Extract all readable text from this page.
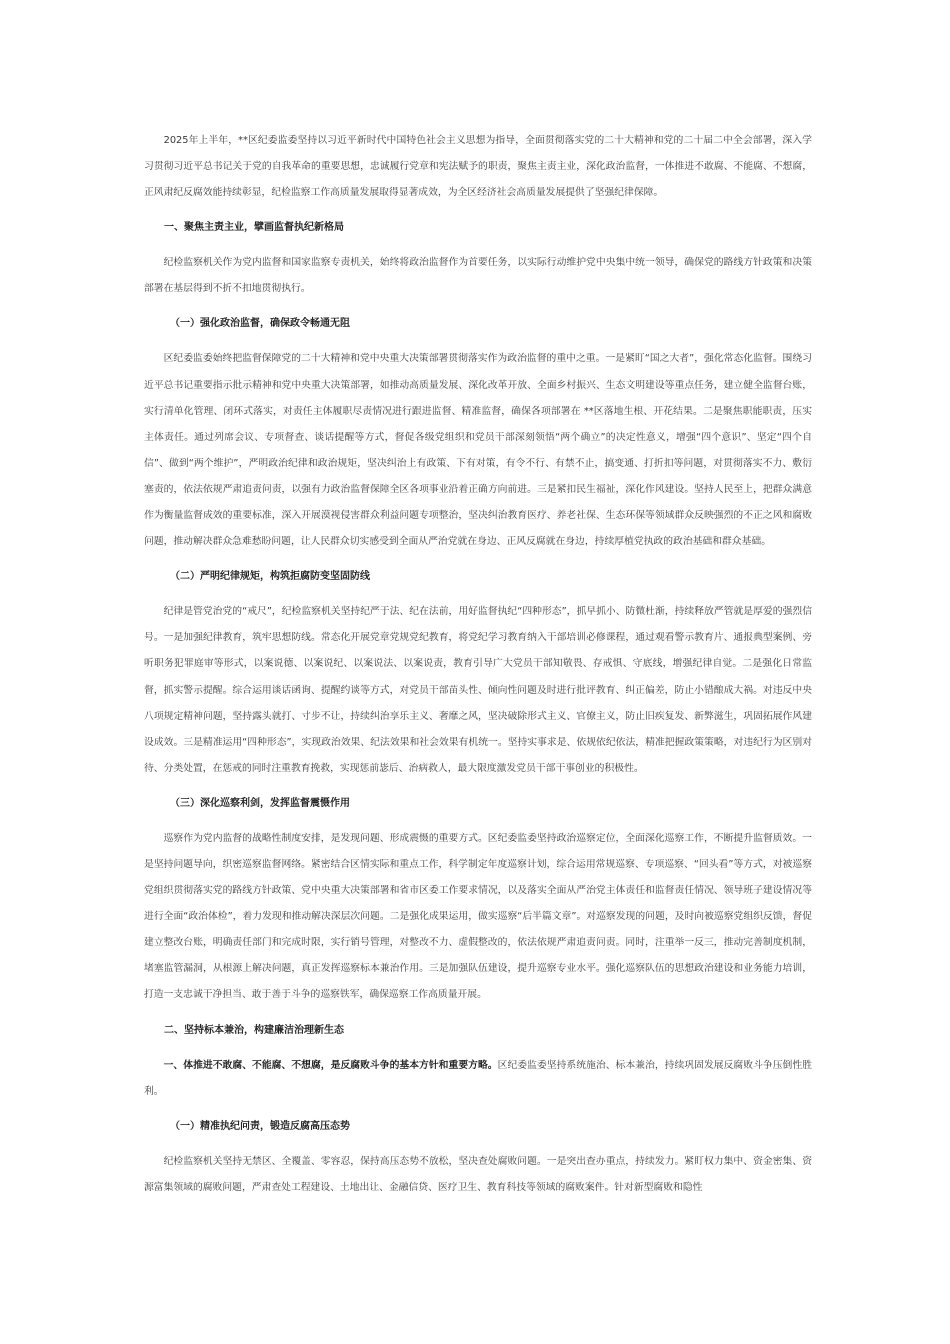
2025年上半年，**区纪委监委坚持以习近平新时代中国特色社会主义思想为指导，全面贯彻落实党的二十大精神和党的二十届二中全会部署，深入学习贯彻习近平总书记关于党的自我革命的重要思想，忠诚履行党章和宪法赋予的职责，聚焦主责主业，深化政治监督，一体推进不敢腐、不能腐、不想腐，正风肃纪反腐效能持续彰显，纪检监察工作高质量发展取得显著成效，为全区经济社会高质量发展提供了坚强纪律保障。

一、聚焦主责主业，擘画监督执纪新格局

纪检监察机关作为党内监督和国家监察专责机关，始终将政治监督作为首要任务，以实际行动维护党中央集中统一领导，确保党的路线方针政策和决策部署在基层得到不折不扣地贯彻执行。

（一）强化政治监督，确保政令畅通无阻

区纪委监委始终把监督保障党的二十大精神和党中央重大决策部署贯彻落实作为政治监督的重中之重。一是紧盯“国之大者”，强化常态化监督。围绕习近平总书记重要指示批示精神和党中央重大决策部署，如推动高质量发展、深化改革开放、全面乡村振兴、生态文明建设等重点任务，建立健全监督台账，实行清单化管理、闭环式落实，对责任主体履职尽责情况进行跟进监督、精准监督，确保各项部署在 **区落地生根、开花结果。二是聚焦职能职责，压实主体责任。通过列席会议、专项督查、谈话提醒等方式，督促各级党组织和党员干部深刻领悟“两个确立”的决定性意义，增强“四个意识”、坚定“四个自信”、做到“两个维护”，严明政治纪律和政治规矩，坚决纠治上有政策、下有对策，有令不行、有禁不止，搞变通、打折扣等问题，对贯彻落实不力、敷衍塞责的，依法依规严肃追责问责，以强有力政治监督保障全区各项事业沿着正确方向前进。三是紧扣民生福祉，深化作风建设。坚持人民至上，把群众满意作为衡量监督成效的重要标准，深入开展漠视侵害群众利益问题专项整治，坚决纠治教育医疗、养老社保、生态环保等领域群众反映强烈的不正之风和腐败问题，推动解决群众急难愁盼问题，让人民群众切实感受到全面从严治党就在身边、正风反腐就在身边，持续厚植党执政的政治基础和群众基础。

（二）严明纪律规矩，构筑拒腐防变坚固防线

纪律是管党治党的“戒尺”，纪检监察机关坚持纪严于法、纪在法前，用好监督执纪“四种形态”，抓早抓小、防微杜渐，持续释放严管就是厚爱的强烈信号。一是加强纪律教育，筑牢思想防线。常态化开展党章党规党纪教育，将党纪学习教育纳入干部培训必修课程，通过观看警示教育片、通报典型案例、旁听职务犯罪庭审等形式，以案说德、以案说纪、以案说法、以案说责，教育引导广大党员干部知敬畏、存戒惧、守底线，增强纪律自觉。二是强化日常监督，抓实警示提醒。综合运用谈话函询、提醒约谈等方式，对党员干部苗头性、倾向性问题及时进行批评教育、纠正偏差，防止小错酿成大祸。对违反中央八项规定精神问题，坚持露头就打、寸步不让，持续纠治享乐主义、奢靡之风，坚决破除形式主义、官僚主义，防止旧疾复发、新弊滋生，巩固拓展作风建设成效。三是精准运用“四种形态”，实现政治效果、纪法效果和社会效果有机统一。坚持实事求是、依规依纪依法，精准把握政策策略，对违纪行为区别对待、分类处置，在惩戒的同时注重教育挽救，实现惩前毖后、治病救人，最大限度激发党员干部干事创业的积极性。

（三）深化巡察利剑，发挥监督震慑作用

巡察作为党内监督的战略性制度安排，是发现问题、形成震慑的重要方式。区纪委监委坚持政治巡察定位，全面深化巡察工作，不断提升监督质效。一是坚持问题导向，织密巡察监督网络。紧密结合区情实际和重点工作，科学制定年度巡察计划，综合运用常规巡察、专项巡察、“回头看”等方式，对被巡察党组织贯彻落实党的路线方针政策、党中央重大决策部署和省市区委工作要求情况，以及落实全面从严治党主体责任和监督责任情况、领导班子建设情况等进行全面“政治体检”，着力发现和推动解决深层次问题。二是强化成果运用，做实巡察“后半篇文章”。对巡察发现的问题，及时向被巡察党组织反馈，督促建立整改台账，明确责任部门和完成时限，实行销号管理，对整改不力、虚假整改的，依法依规严肃追责问责。同时，注重举一反三，推动完善制度机制，堵塞监管漏洞，从根源上解决问题，真正发挥巡察标本兼治作用。三是加强队伍建设，提升巡察专业水平。强化巡察队伍的思想政治建设和业务能力培训，打造一支忠诚干净担当、敢于善于斗争的巡察铁军，确保巡察工作高质量开展。

二、坚持标本兼治，构建廉洁治理新生态

一、体推进不敢腐、不能腐、不想腐，是反腐败斗争的基本方针和重要方略。区纪委监委坚持系统施治、标本兼治，持续巩固发展反腐败斗争压倒性胜利。

（一）精准执纪问责，锻造反腐高压态势

纪检监察机关坚持无禁区、全覆盖、零容忍，保持高压态势不放松，坚决查处腐败问题。一是突出查办重点，持续发力。紧盯权力集中、资金密集、资源富集领域的腐败问题，严肃查处工程建设、土地出让、金融信贷、医疗卫生、教育科技等领域的腐败案件。针对新型腐败和隐性
